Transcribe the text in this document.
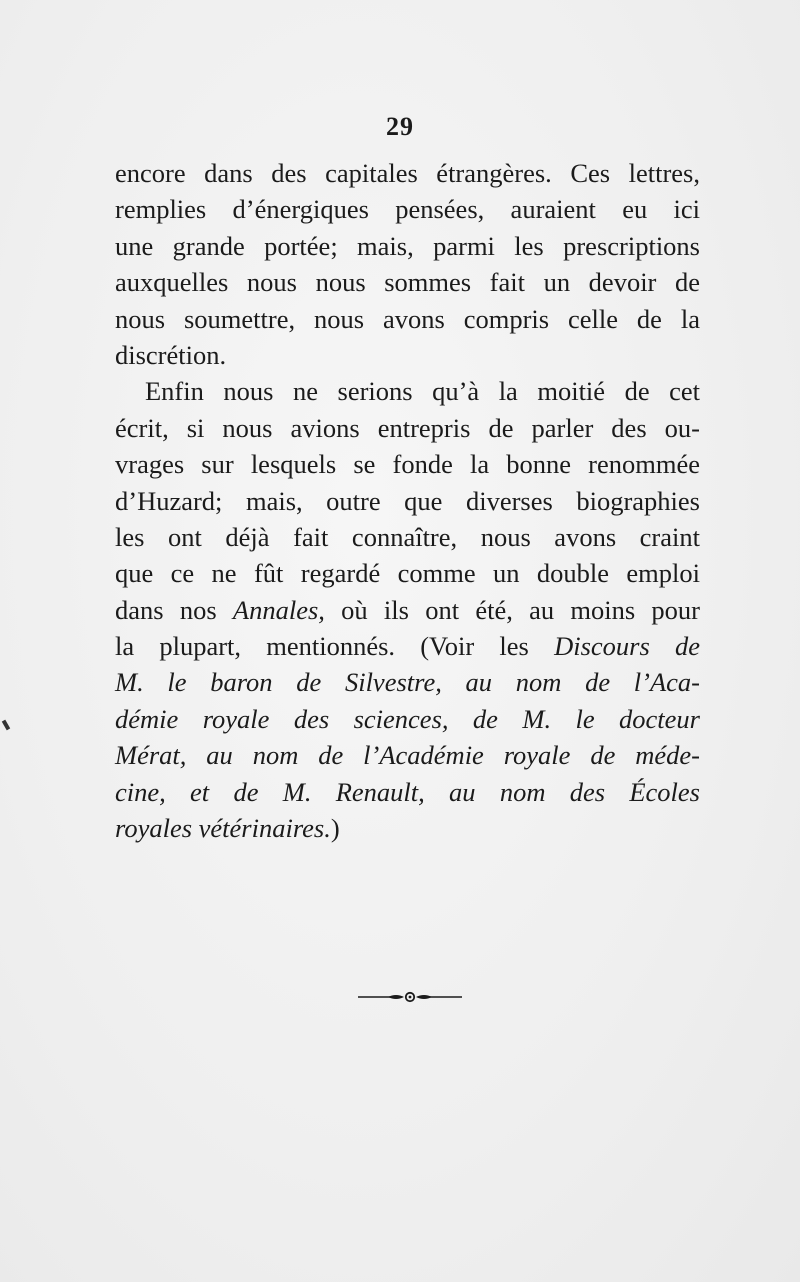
29
encore dans des capitales étrangères. Ces lettres,
remplies d’énergiques pensées, auraient eu ici
une grande portée; mais, parmi les prescriptions
auxquelles nous nous sommes fait un devoir de
nous soumettre, nous avons compris celle de la
discrétion.
Enfin nous ne serions qu’à la moitié de cet
écrit, si nous avions entrepris de parler des ou-
vrages sur lesquels se fonde la bonne renommée
d’Huzard; mais, outre que diverses biographies
les ont déjà fait connaître, nous avons craint
que ce ne fût regardé comme un double emploi
dans nos Annales, où ils ont été, au moins pour
la plupart, mentionnés. (Voir les Discours de
M. le baron de Silvestre, au nom de l’Aca-
démie royale des sciences, de M. le docteur
Mérat, au nom de l’Académie royale de méde-
cine, et de M. Renault, au nom des Écoles
royales vétérinaires.)
